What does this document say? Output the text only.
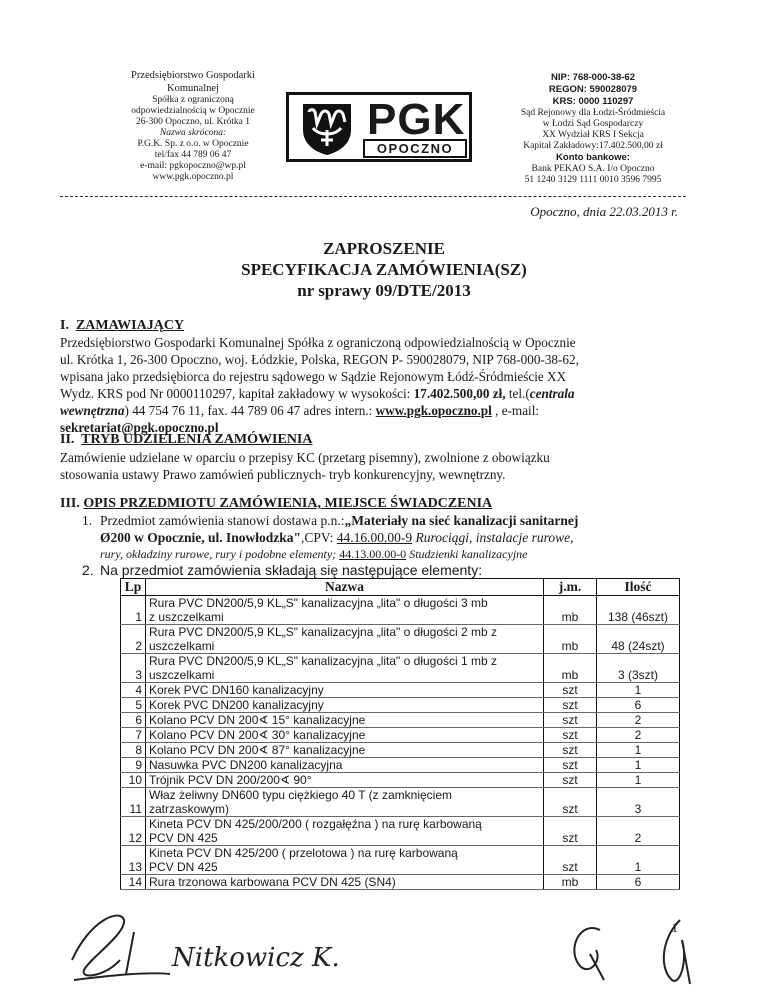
Przedsiębiorstwo Gospodarki
Komunalnej
Spółka z ograniczoną
odpowiedzialnością w Opocznie
26-300 Opoczno, ul. Krótka 1
Nazwa skrócona:
P.G.K. Sp. z o.o. w Opocznie
tel/fax 44 789 06 47
e-mail: pgkopoczno@wp.pl
www.pgk.opoczno.pl
PGK
OPOCZNO
NIP: 768-000-38-62
REGON: 590028079
KRS: 0000 110297
Sąd Rejonowy dla Łodzi-Śródmieścia
w Łodzi Sąd Gospodarczy
XX Wydział KRS I Sekcja
Kapitał Zakładowy:17.402.500,00 zł
Konto bankowe:
Bank PEKAO S.A. I/o Opoczno
51 1240 3129 1111 0010 3596 7995
Opoczno, dnia 22.03.2013 r.
ZAPROSZENIE
SPECYFIKACJA ZAMÓWIENIA(SZ)
nr sprawy 09/DTE/2013
I. ZAMAWIAJĄCY
Przedsiębiorstwo Gospodarki Komunalnej Spółka z ograniczoną odpowiedzialnością w Opocznie
ul. Krótka 1, 26-300 Opoczno, woj. Łódzkie, Polska, REGON P- 590028079, NIP 768-000-38-62,
wpisana jako przedsiębiorca do rejestru sądowego w Sądzie Rejonowym Łódź-Śródmieście XX
Wydz. KRS pod Nr 0000110297, kapitał zakładowy w wysokości: 17.402.500,00 zł, tel.(centrala
wewnętrzna) 44 754 76 11, fax. 44 789 06 47 adres intern.: www.pgk.opoczno.pl , e-mail:
sekretariat@pgk.opoczno.pl
II. TRYB UDZIELENIA ZAMÓWIENIA
Zamówienie udzielane w oparciu o przepisy KC (przetarg pisemny), zwolnione z obowiązku
stosowania ustawy Prawo zamówień publicznych- tryb konkurencyjny, wewnętrzny.
III. OPIS PRZEDMIOTU ZAMÓWIENIA, MIEJSCE ŚWIADCZENIA
1. Przedmiot zamówienia stanowi dostawa p.n.:„Materiały na sieć kanalizacji sanitarnej
Ø200 w Opocznie, ul. Inowłodzka",CPV: 44.16.00.00-9 Rurociągi, instalacje rurowe,
rury, okładziny rurowe, rury i podobne elementy; 44.13.00.00-0 Studzienki kanalizacyjne
2. Na przedmiot zamówienia składają się następujące elementy:
Lp	Nazwa	j.m.	Ilość
1	Rura PVC DN200/5,9 KL„S" kanalizacyjna „lita" o długości 3 mb
z uszczelkami	mb	138 (46szt)
2	Rura PVC DN200/5,9 KL„S" kanalizacyjna „lita" o długości 2 mb z
uszczelkami	mb	48 (24szt)
3	Rura PVC DN200/5,9 KL„S" kanalizacyjna „lita" o długości 1 mb z
uszczelkami	mb	3 (3szt)
4	Korek PVC DN160 kanalizacyjny	szt	1
5	Korek PVC DN200 kanalizacyjny	szt	6
6	Kolano PCV DN 200∢ 15° kanalizacyjne	szt	2
7	Kolano PCV DN 200∢ 30° kanalizacyjne	szt	2
8	Kolano PCV DN 200∢ 87° kanalizacyjne	szt	1
9	Nasuwka PVC DN200 kanalizacyjna	szt	1
10	Trójnik PCV DN 200/200∢ 90°	szt	1
11	Właz żeliwny DN600 typu ciężkiego 40 T (z zamknięciem
zatrzaskowym)	szt	3
12	Kineta PCV DN 425/200/200 ( rozgałęźna ) na rurę karbowaną
PCV DN 425	szt	2
13	Kineta PCV DN 425/200 ( przelotowa ) na rurę karbowaną
PCV DN 425	szt	1
14	Rura trzonowa karbowana PCV DN 425 (SN4)	mb	6
1
Nitkowicz K.
